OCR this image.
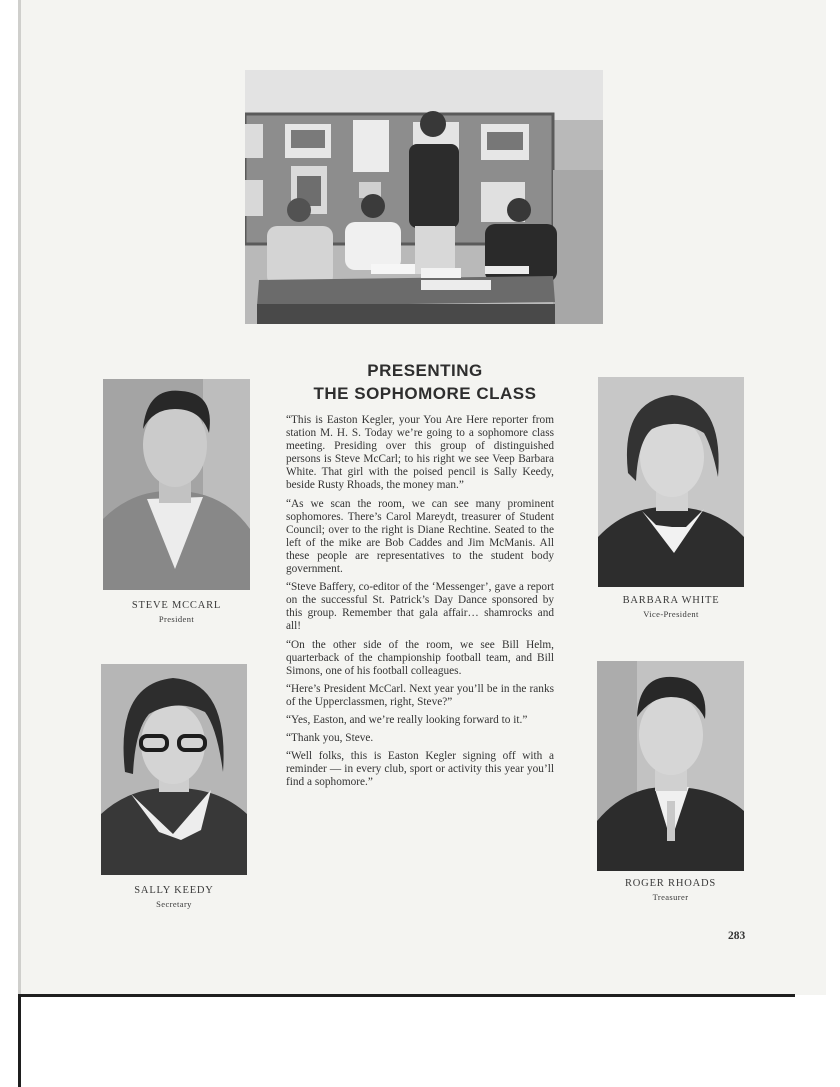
PRESENTING
THE SOPHOMORE CLASS

“This is Easton Kegler, your You Are Here reporter from station M. H. S. Today we’re going to a sophomore class meeting. Presiding over this group of distinguished persons is Steve McCarl; to his right we see Veep Barbara White. That girl with the poised pencil is Sally Keedy, beside Rusty Rhoads, the money man.”

“As we scan the room, we can see many prominent sophomores. There’s Carol Mareydt, treasurer of Student Council; over to the right is Diane Rechtine. Seated to the left of the mike are Bob Caddes and Jim McManis. All these people are representatives to the student body government.

“Steve Baffery, co-editor of the ‘Messenger’, gave a report on the successful St. Patrick’s Day Dance sponsored by this group. Remember that gala affair… shamrocks and all!

“On the other side of the room, we see Bill Helm, quarterback of the championship football team, and Bill Simons, one of his football colleagues.

“Here’s President McCarl. Next year you’ll be in the ranks of the Upperclassmen, right, Steve?”

“Yes, Easton, and we’re really looking forward to it.”

“Thank you, Steve.

“Well folks, this is Easton Kegler signing off with a reminder — in every club, sport or activity this year you’ll find a sophomore.”

STEVE MCCARL
President
BARBARA WHITE
Vice-President
SALLY KEEDY
Secretary
ROGER RHOADS
Treasurer
283
